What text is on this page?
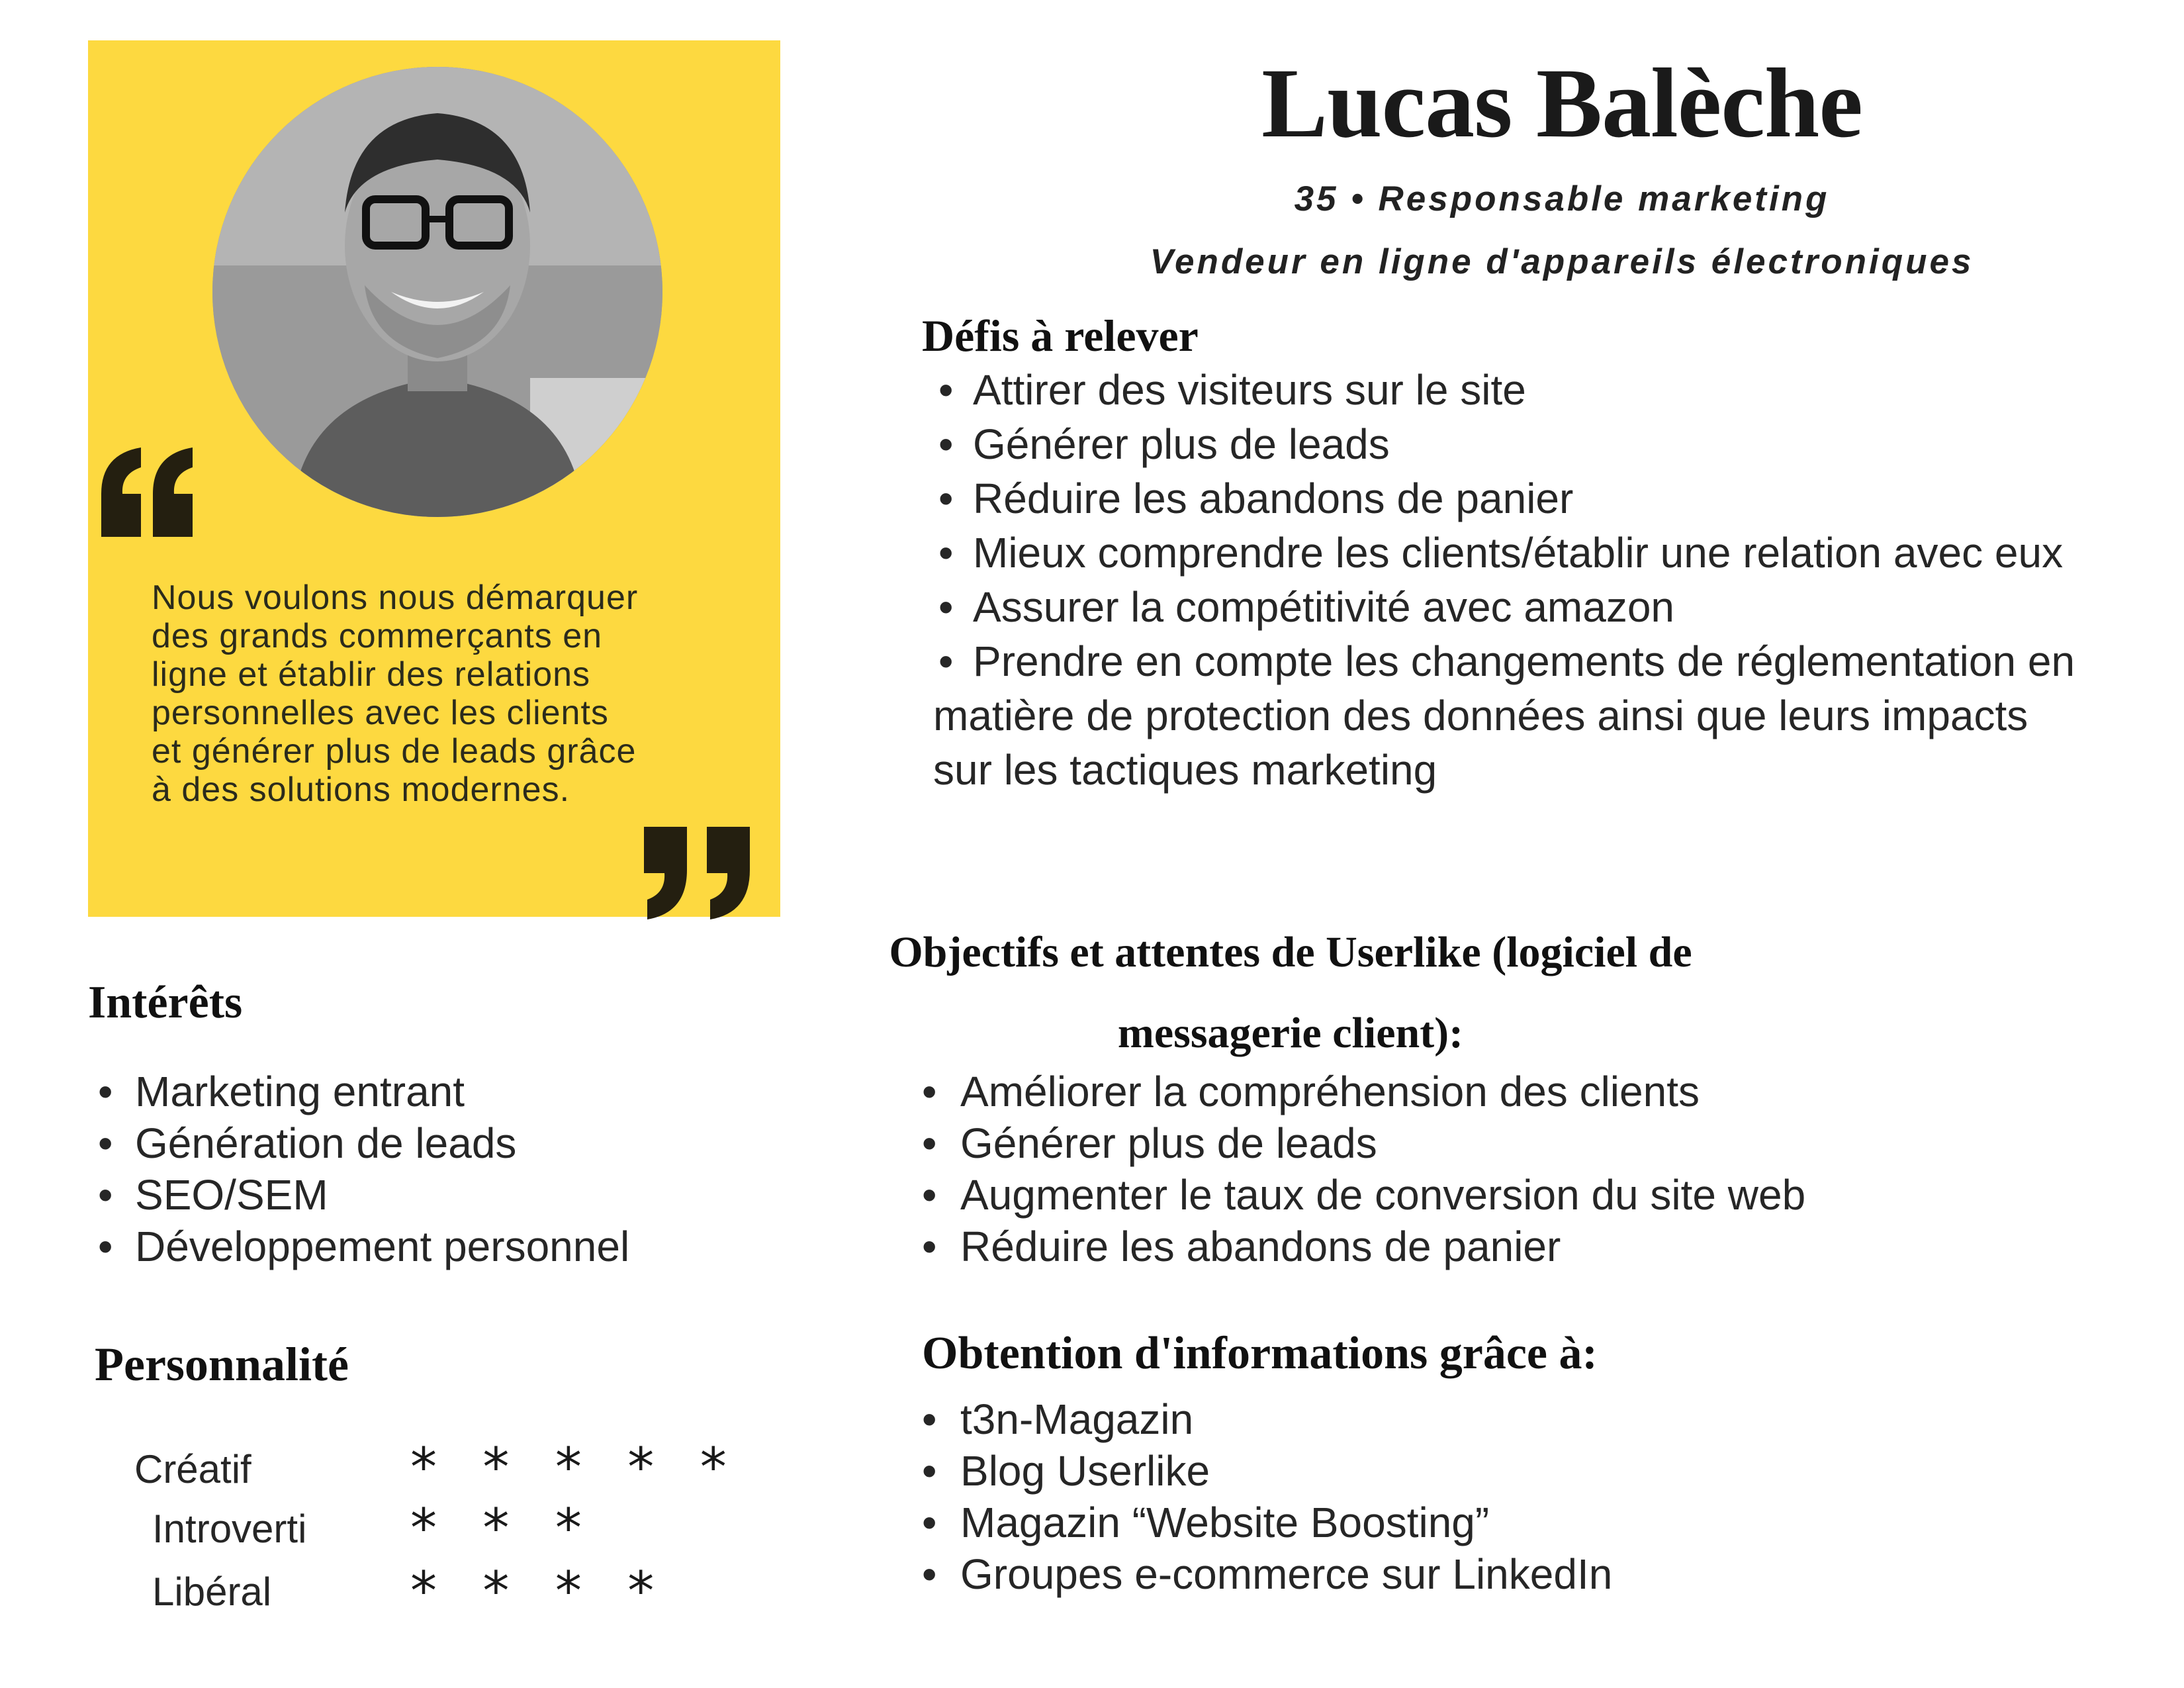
Nous voulons nous démarquer
des grands commerçants en
ligne et établir des relations
personnelles avec les clients
et générer plus de leads grâce
à des solutions modernes.
Lucas Balèche
35 • Responsable marketing
Vendeur en ligne d'appareils électroniques
Défis à relever
• Attirer des visiteurs sur le site
• Générer plus de leads
• Réduire les abandons de panier
• Mieux comprendre les clients/établir une relation avec eux
• Assurer la compétitivité avec amazon
• Prendre en compte les changements de réglementation en matière de protection des données ainsi que leurs impacts sur les tactiques marketing
Objectifs et attentes de Userlike (logiciel de messagerie client):
• Améliorer la compréhension des clients
• Générer plus de leads
• Augmenter le taux de conversion du site web
• Réduire les abandons de panier
Obtention d'informations grâce à:
• t3n-Magazin
• Blog Userlike
• Magazin “Website Boosting”
• Groupes e-commerce sur LinkedIn
Intérêts
• Marketing entrant
• Génération de leads
• SEO/SEM
• Développement personnel
Personnalité
Créatif	* * * * *
Introverti * * *
Libéral	* * * *
